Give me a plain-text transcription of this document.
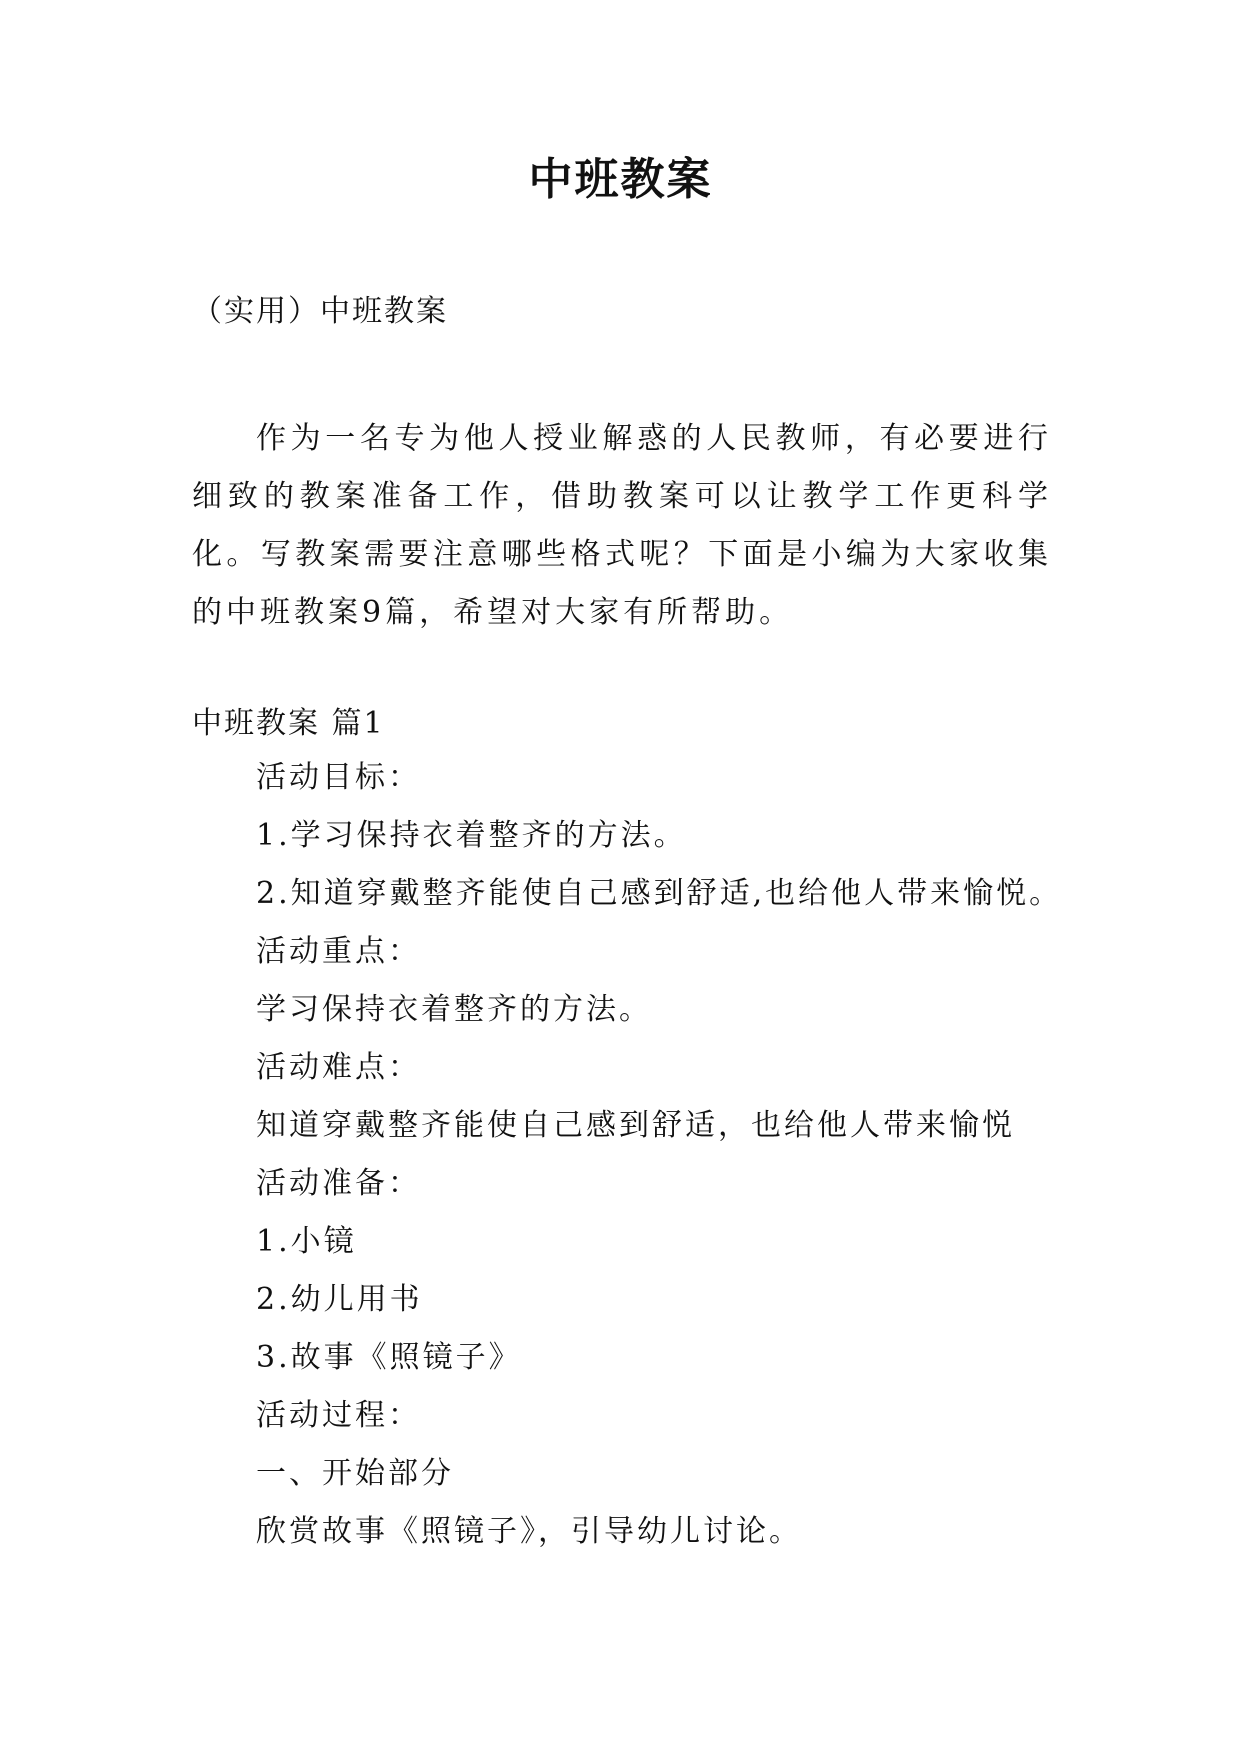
中班教案
（实用）中班教案

作为一名专为他人授业解惑的人民教师，有必要进行细致的教案准备工作，借助教案可以让教学工作更科学化。写教案需要注意哪些格式呢？下面是小编为大家收集的中班教案9篇，希望对大家有所帮助。

中班教案 篇1
活动目标：
1.学习保持衣着整齐的方法。
2.知道穿戴整齐能使自己感到舒适,也给他人带来愉悦。
活动重点：
学习保持衣着整齐的方法。
活动难点：
知道穿戴整齐能使自己感到舒适，也给他人带来愉悦
活动准备：
1.小镜
2.幼儿用书
3.故事《照镜子》
活动过程：
一、开始部分
欣赏故事《照镜子》，引导幼儿讨论。
